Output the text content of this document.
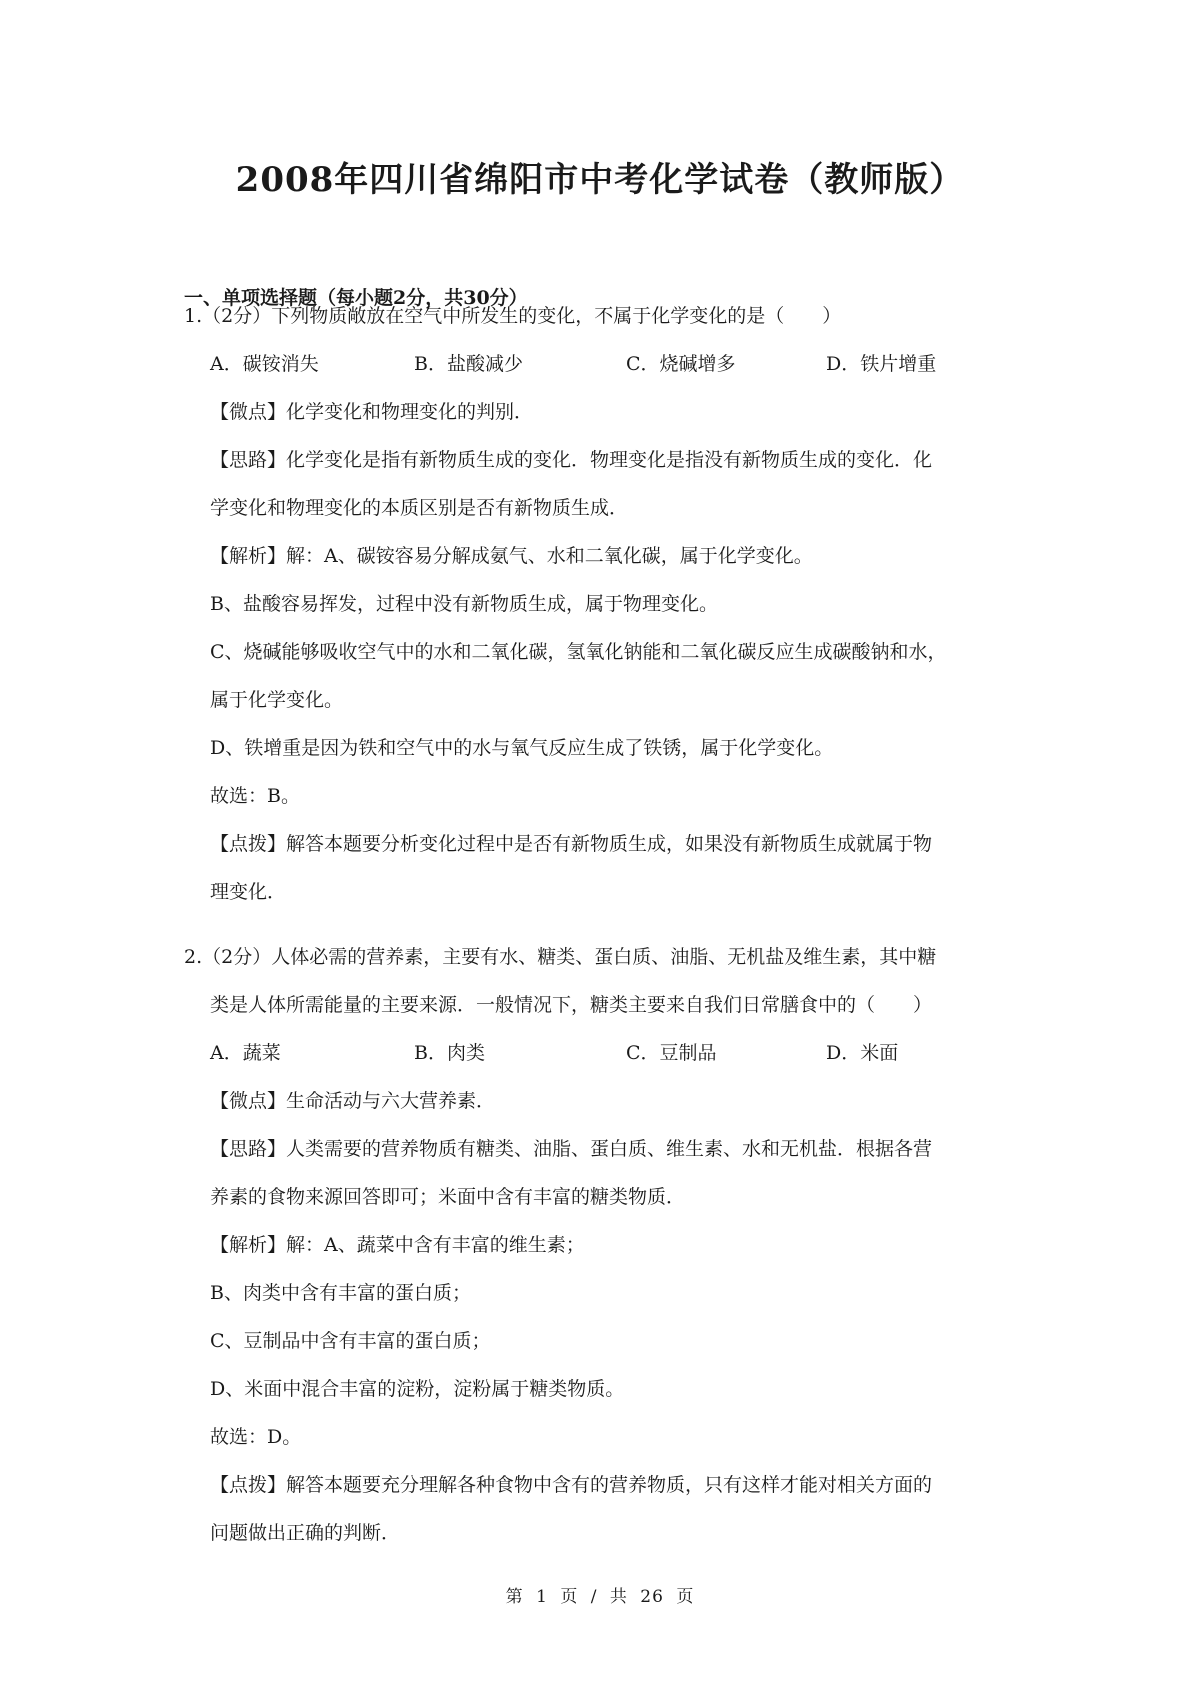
2008年四川省绵阳市中考化学试卷（教师版）
一、单项选择题（每小题2分，共30分）
1.（2分）下列物质敞放在空气中所发生的变化，不属于化学变化的是（　　）
A．碳铵消失	B．盐酸减少	C．烧碱增多	D．铁片增重
【微点】化学变化和物理变化的判别．
【思路】化学变化是指有新物质生成的变化．物理变化是指没有新物质生成的变化．化
学变化和物理变化的本质区别是否有新物质生成．
【解析】解：A、碳铵容易分解成氨气、水和二氧化碳，属于化学变化。
B、盐酸容易挥发，过程中没有新物质生成，属于物理变化。
C、烧碱能够吸收空气中的水和二氧化碳，氢氧化钠能和二氧化碳反应生成碳酸钠和水，
属于化学变化。
D、铁增重是因为铁和空气中的水与氧气反应生成了铁锈，属于化学变化。
故选：B。
【点拨】解答本题要分析变化过程中是否有新物质生成，如果没有新物质生成就属于物
理变化．
2.（2分）人体必需的营养素，主要有水、糖类、蛋白质、油脂、无机盐及维生素，其中糖
类是人体所需能量的主要来源．一般情况下，糖类主要来自我们日常膳食中的（　　）
A．蔬菜	B．肉类	C．豆制品	D．米面
【微点】生命活动与六大营养素．
【思路】人类需要的营养物质有糖类、油脂、蛋白质、维生素、水和无机盐．根据各营
养素的食物来源回答即可；米面中含有丰富的糖类物质．
【解析】解：A、蔬菜中含有丰富的维生素；
B、肉类中含有丰富的蛋白质；
C、豆制品中含有丰富的蛋白质；
D、米面中混合丰富的淀粉，淀粉属于糖类物质。
故选：D。
【点拨】解答本题要充分理解各种食物中含有的营养物质，只有这样才能对相关方面的
问题做出正确的判断．
第 1 页 / 共 26 页
